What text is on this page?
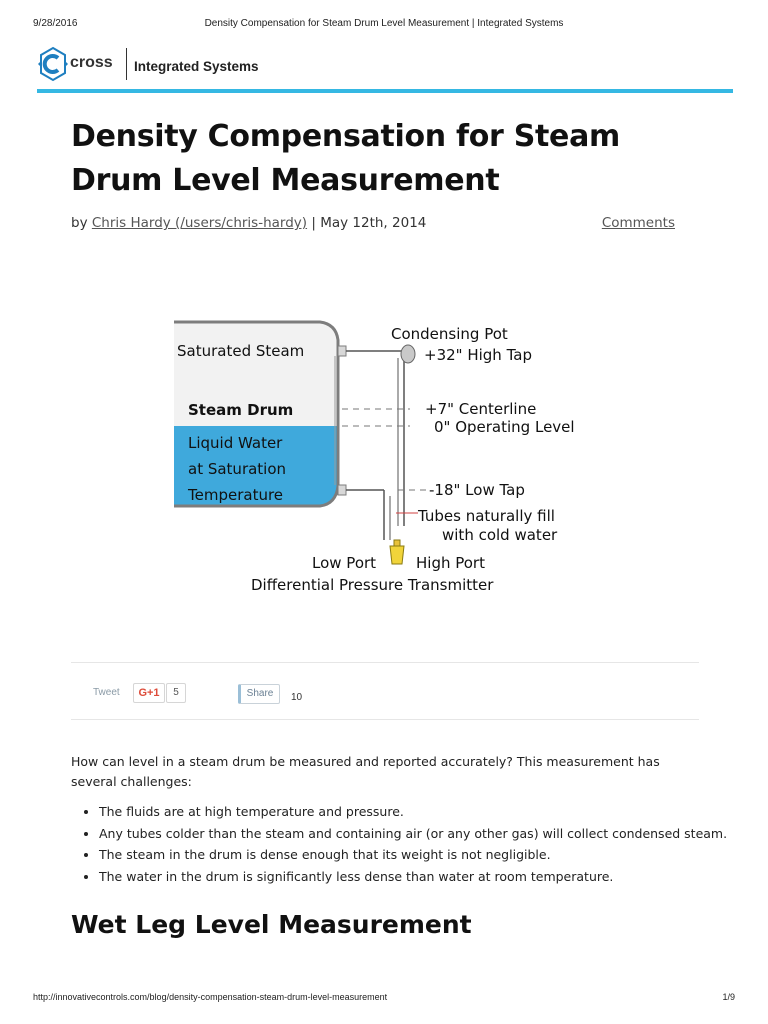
9/28/2016	Density Compensation for Steam Drum Level Measurement | Integrated Systems
cross Integrated Systems
Density Compensation for Steam Drum Level Measurement
by Chris Hardy (/users/chris-hardy) | May 12th, 2014	Comments
Saturated Steam
Steam Drum
Liquid Water
at Saturation
Temperature
Condensing Pot
+32" High Tap
+7" Centerline
0" Operating Level
-18" Low Tap
Tubes naturally fill
with cold water
Low Port	High Port
Differential Pressure Transmitter
Tweet	G+1	5	Share	10

How can level in a steam drum be measured and reported accurately? This measurement has several challenges:

• The fluids are at high temperature and pressure.
• Any tubes colder than the steam and containing air (or any other gas) will collect condensed steam.
• The steam in the drum is dense enough that its weight is not negligible.
• The water in the drum is significantly less dense than water at room temperature.
Wet Leg Level Measurement
http://innovativecontrols.com/blog/density-compensation-steam-drum-level-measurement	1/9
